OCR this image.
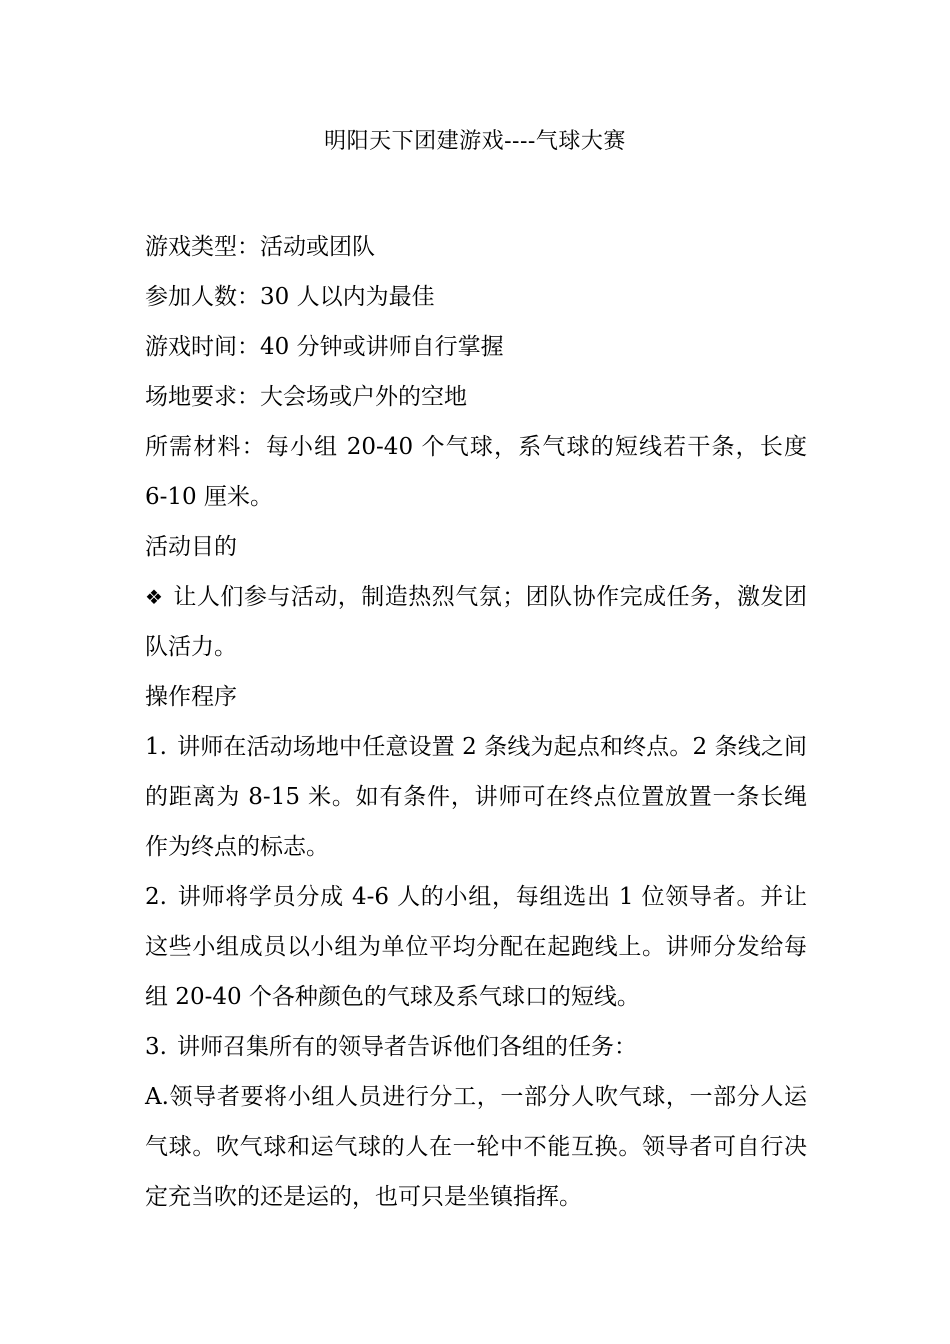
明阳天下团建游戏----气球大赛

游戏类型：活动或团队

参加人数：30 人以内为最佳

游戏时间：40 分钟或讲师自行掌握

场地要求：大会场或户外的空地

所需材料：每小组 20-40 个气球，系气球的短线若干条，长度 6-10 厘米。

活动目的

❖ 让人们参与活动，制造热烈气氛；团队协作完成任务，激发团队活力。

操作程序

1. 讲师在活动场地中任意设置 2 条线为起点和终点。2 条线之间的距离为 8-15 米。如有条件，讲师可在终点位置放置一条长绳作为终点的标志。

2. 讲师将学员分成 4-6 人的小组，每组选出 1 位领导者。并让这些小组成员以小组为单位平均分配在起跑线上。讲师分发给每组 20-40 个各种颜色的气球及系气球口的短线。

3. 讲师召集所有的领导者告诉他们各组的任务：

A.领导者要将小组人员进行分工，一部分人吹气球，一部分人运气球。吹气球和运气球的人在一轮中不能互换。领导者可自行决定充当吹的还是运的，也可只是坐镇指挥。
